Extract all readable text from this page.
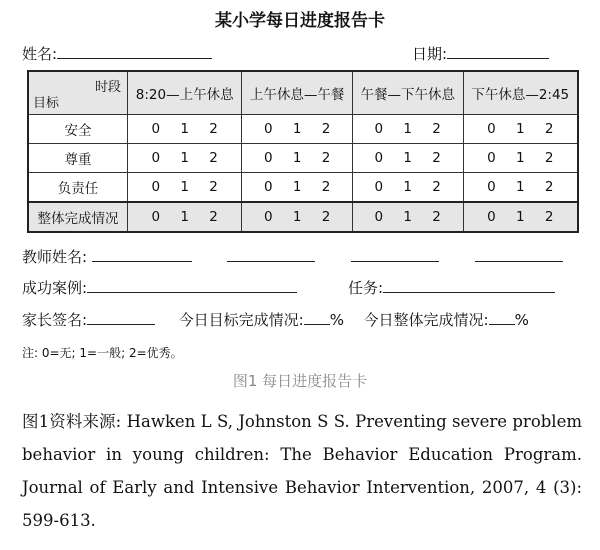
某小学每日进度报告卡
姓名:	日期:
时段
目标	8:20—上午休息	上午休息—午餐	午餐—下午休息	下午休息—2:45
安全	0 1 2	0 1 2	0 1 2	0 1 2
尊重	0 1 2	0 1 2	0 1 2	0 1 2
负责任	0 1 2	0 1 2	0 1 2	0 1 2
整体完成情况	0 1 2	0 1 2	0 1 2	0 1 2
教师姓名:
成功案例:	任务:
家长签名:	今日目标完成情况: % 今日整体完成情况: %
注: 0=无; 1=一般; 2=优秀。
图1 每日进度报告卡
图1资料来源: Hawken L S, Johnston S S. Preventing severe problem behavior in young children: The Behavior Education Program. Journal of Early and Intensive Behavior Intervention, 2007, 4 (3): 599-613.
